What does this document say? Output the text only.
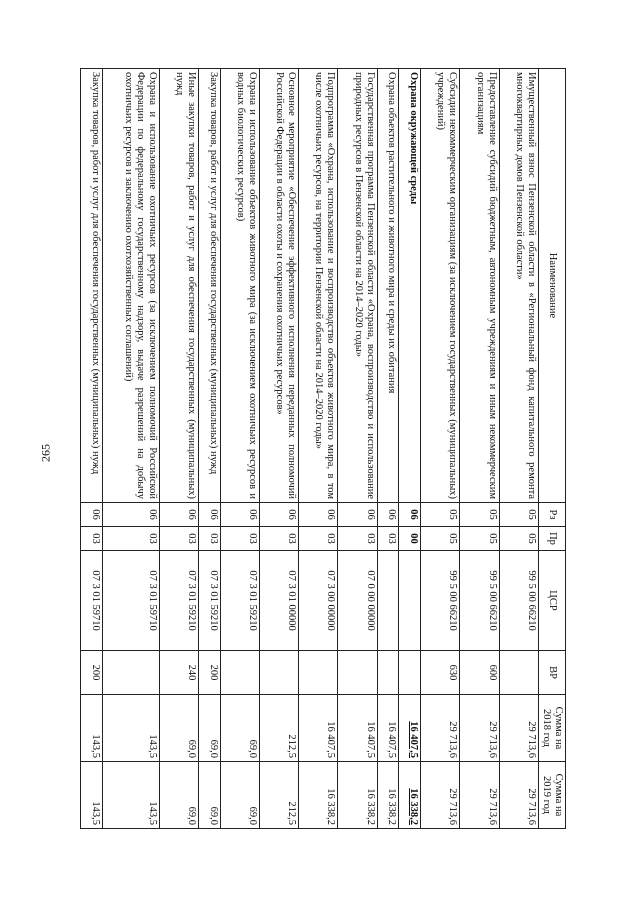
265
Наименование	Рз	Пр	ЦСР	ВР	Сумма на 2018 год	Сумма на 2019 год
Имущественный взнос Пензенской области в «Региональный фонд капитального ремонта многоквартирных домов Пензенской области»	05	05	99 5 00 66210		29 713,6	29 713,6
Предоставление субсидий бюджетным, автономным учреждениям и иным некоммерческим организациям	05	05	99 5 00 66210	600	29 713,6	29 713,6
Субсидии некоммерческим организациям (за исключением государственных (муниципальных) учреждений)	05	05	99 5 00 66210	630	29 713,6	29 713,6
Охрана окружающей среды	06	00			16 407,5	16 338,2
Охрана объектов растительного и животного мира и среды их обитания	06	03			16 407,5	16 338,2
Государственная программа Пензенской области «Охрана, воспроизводство и использование природных ресурсов в Пензенской области на 2014–2020 годы»	06	03	07 0 00 00000		16 407,5	16 338,2
Подпрограмма «Охрана, использование и воспроизводство объектов животного мира, в том числе охотничьих ресурсов, на территории Пензенской области на 2014–2020 годы»	06	03	07 3 00 00000		16 407,5	16 338,2
Основное мероприятие «Обеспечение эффективного исполнения переданных полномочий Российской Федерации в области охоты и сохранения охотничьих ресурсов»	06	03	07 3 01 00000		212,5	212,5
Охрана и использование объектов животного мира (за исключением охотничьих ресурсов и водных биологических ресурсов)	06	03	07 3 01 59210		69,0	69,0
Закупка товаров, работ и услуг для обеспечения государственных (муниципальных) нужд	06	03	07 3 01 59210	200	69,0	69,0
Иные закупки товаров, работ и услуг для обеспечения государственных (муниципальных) нужд	06	03	07 3 01 59210	240	69,0	69,0
Охрана и использование охотничьих ресурсов (за исключением полномочий Российской Федерации по федеральному государственному надзору, выдаче разрешений на добычу охотничьих ресурсов и заключению охотхозяйственных соглашений)	06	03	07 3 01 59710		143,5	143,5
Закупка товаров, работ и услуг для обеспечения государственных (муниципальных) нужд	06	03	07 3 01 59710	200	143,5	143,5
